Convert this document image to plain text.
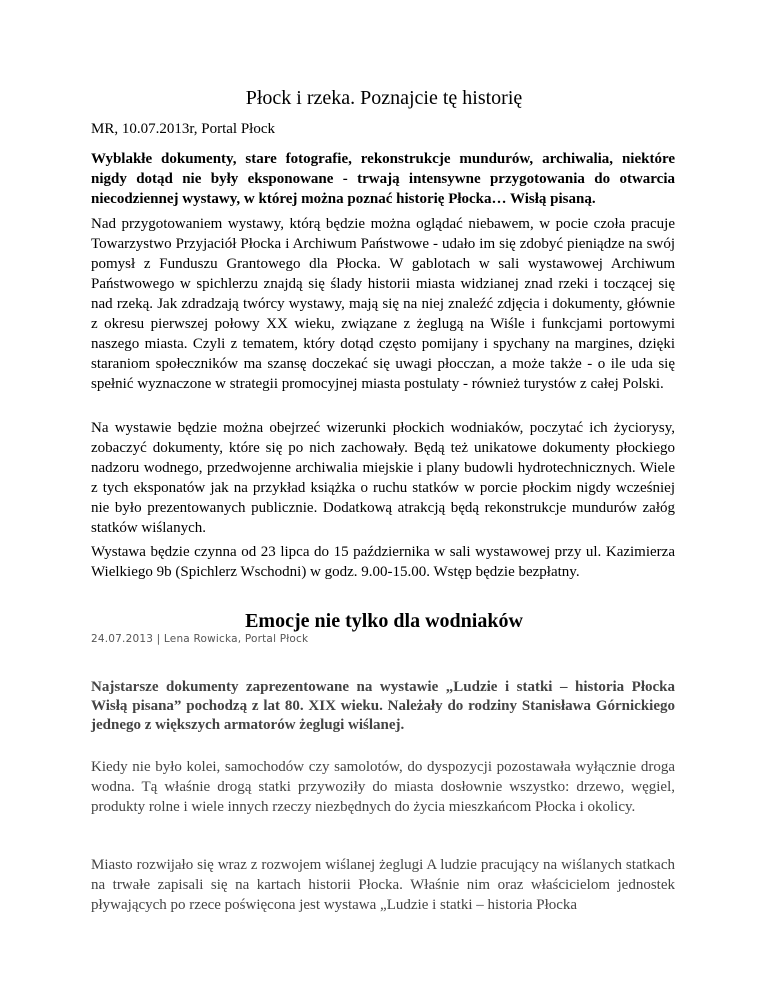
Płock i rzeka. Poznajcie tę historię
MR, 10.07.2013r, Portal Płock
Wyblakłe dokumenty, stare fotografie, rekonstrukcje mundurów, archiwalia, niektóre nigdy dotąd nie były eksponowane - trwają intensywne przygotowania do otwarcia niecodziennej wystawy, w której można poznać historię Płocka… Wisłą pisaną.
Nad przygotowaniem wystawy, którą będzie można oglądać niebawem, w pocie czoła pracuje Towarzystwo Przyjaciół Płocka i Archiwum Państwowe - udało im się zdobyć pieniądze na swój pomysł z Funduszu Grantowego dla Płocka. W gablotach w sali wystawowej Archiwum Państwowego w spichlerzu znajdą się ślady historii miasta widzianej znad rzeki i toczącej się nad rzeką. Jak zdradzają twórcy wystawy, mają się na niej znaleźć zdjęcia i dokumenty, głównie z okresu pierwszej połowy XX wieku, związane z żeglugą na Wiśle i funkcjami portowymi naszego miasta. Czyli z tematem, który dotąd często pomijany i spychany na margines, dzięki staraniom społeczników ma szansę doczekać się uwagi płocczan, a może także - o ile uda się spełnić wyznaczone w strategii promocyjnej miasta postulaty - również turystów z całej Polski.
Na wystawie będzie można obejrzeć wizerunki płockich wodniaków, poczytać ich życiorysy, zobaczyć dokumenty, które się po nich zachowały. Będą też unikatowe dokumenty płockiego nadzoru wodnego, przedwojenne archiwalia miejskie i plany budowli hydrotechnicznych. Wiele z tych eksponatów jak na przykład książka o ruchu statków w porcie płockim nigdy wcześniej nie było prezentowanych publicznie. Dodatkową atrakcją będą rekonstrukcje mundurów załóg statków wiślanych.
Wystawa będzie czynna od 23 lipca do 15 października w sali wystawowej przy ul. Kazimierza Wielkiego 9b (Spichlerz Wschodni) w godz. 9.00-15.00. Wstęp będzie bezpłatny.
Emocje nie tylko dla wodniaków
24.07.2013 | Lena Rowicka, Portal Płock
Najstarsze dokumenty zaprezentowane na wystawie „Ludzie i statki – historia Płocka Wisłą pisana” pochodzą z lat 80. XIX wieku. Należały do rodziny Stanisława Górnickiego jednego z większych armatorów żeglugi wiślanej.
Kiedy nie było kolei, samochodów czy samolotów, do dyspozycji pozostawała wyłącznie droga wodna. Tą właśnie drogą statki przywoziły do miasta dosłownie wszystko: drzewo, węgiel, produkty rolne i wiele innych rzeczy niezbędnych do życia mieszkańcom Płocka i okolicy.
Miasto rozwijało się wraz z rozwojem wiślanej żeglugi A ludzie pracujący na wiślanych statkach na trwałe zapisali się na kartach historii Płocka. Właśnie nim oraz właścicielom jednostek pływających po rzece poświęcona jest wystawa „Ludzie i statki – historia Płocka
